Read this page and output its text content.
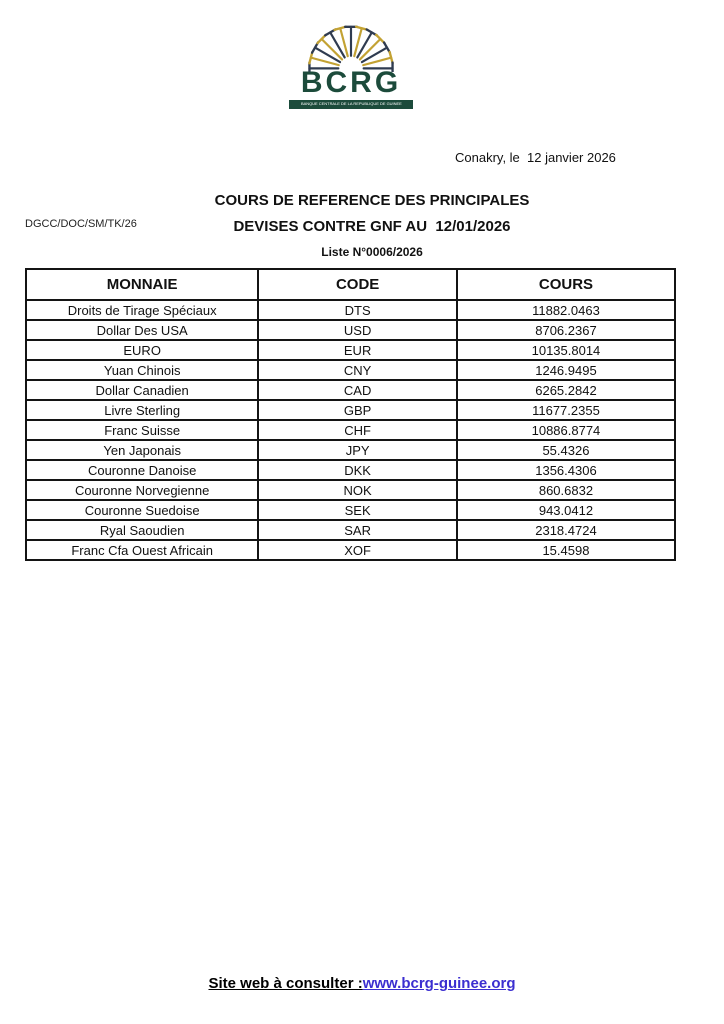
BCRG
BANQUE CENTRALE DE LA REPUBLIQUE DE GUINEE
Conakry, le  12 janvier 2026
DGCC/DOC/SM/TK/26
COURS DE REFERENCE DES PRINCIPALES
DEVISES CONTRE GNF AU  12/01/2026
Liste N°0006/2026
MONNAIE	CODE	COURS
Droits de Tirage Spéciaux	DTS	11882.0463
Dollar Des USA	USD	8706.2367
EURO	EUR	10135.8014
Yuan Chinois	CNY	1246.9495
Dollar Canadien	CAD	6265.2842
Livre Sterling	GBP	11677.2355
Franc Suisse	CHF	10886.8774
Yen Japonais	JPY	55.4326
Couronne Danoise	DKK	1356.4306
Couronne Norvegienne	NOK	860.6832
Couronne Suedoise	SEK	943.0412
Ryal Saoudien	SAR	2318.4724
Franc Cfa Ouest Africain	XOF	15.4598
Site web à consulter :www.bcrg-guinee.org
